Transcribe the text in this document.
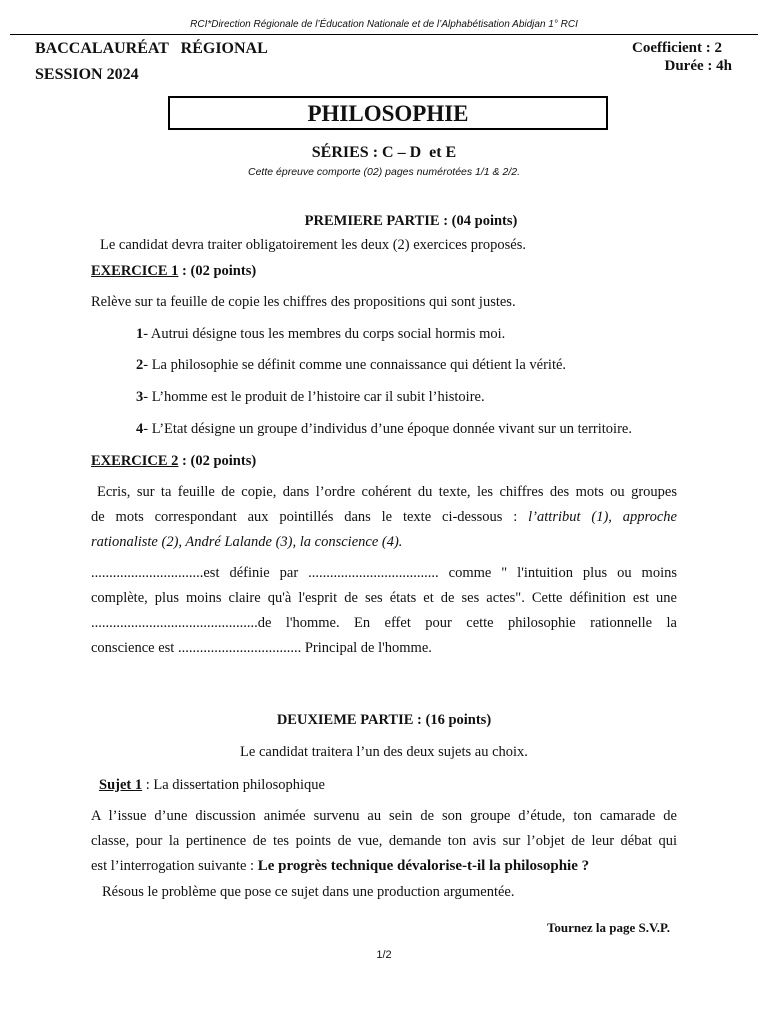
RCI*Direction Régionale de l’Éducation Nationale et de l’Alphabétisation Abidjan 1° RCI
BACCALAURÉAT   RÉGIONAL
SESSION 2024
Coefficient : 2
Durée : 4h
PHILOSOPHIE
SÉRIES : C – D  et E
Cette épreuve comporte (02) pages numérotées 1/1 & 2/2.
PREMIERE PARTIE : (04 points)
Le candidat devra traiter obligatoirement les deux (2) exercices proposés.
EXERCICE 1 : (02 points)
Relève sur ta feuille de copie les chiffres des propositions qui sont justes.
1- Autrui désigne tous les membres du corps social hormis moi.
2- La philosophie se définit comme une connaissance qui détient la vérité.
3- L’homme est le produit de l’histoire car il subit l’histoire.
4- L’Etat désigne un groupe d’individus d’une époque donnée vivant sur un territoire.
EXERCICE 2 : (02 points)
Ecris, sur ta feuille de copie, dans l’ordre cohérent du texte, les chiffres des mots ou groupes
de mots correspondant aux pointillés dans le texte ci-dessous : l’attribut (1), approche
rationaliste (2), André Lalande (3), la conscience (4).
...............................est définie par .................................... comme " l'intuition plus ou moins
complète, plus moins claire qu'à l'esprit de ses états et de ses actes". Cette définition est une
..............................................de l'homme. En effet pour cette philosophie rationnelle la
conscience est .................................. Principal de l'homme.
DEUXIEME PARTIE : (16 points)
Le candidat traitera l’un des deux sujets au choix.
Sujet 1 : La dissertation philosophique
A l’issue d’une discussion animée survenu au sein de son groupe d’étude, ton camarade de
classe, pour la pertinence de tes points de vue, demande ton avis sur l’objet de leur débat qui
est l’interrogation suivante : Le progrès technique dévalorise-t-il la philosophie ?
Résous le problème que pose ce sujet dans une production argumentée.
Tournez la page S.V.P.
1/2
